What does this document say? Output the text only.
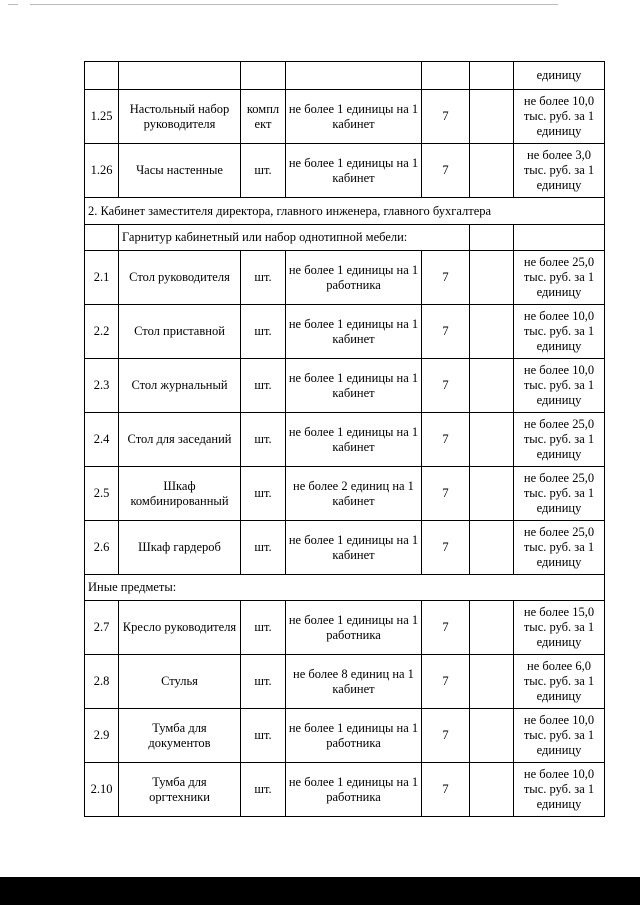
						единицу
1.25	Настольный набор руководителя	компл ект	не более 1 единицы на 1 кабинет	7		не более 10,0 тыс. руб. за 1 единицу
1.26	Часы настенные	шт.	не более 1 единицы на 1 кабинет	7		не более 3,0 тыс. руб. за 1 единицу
2. Кабинет заместителя директора, главного инженера, главного бухгалтера						
	Гарнитур кабинетный или набор однотипной мебели:					
2.1	Стол руководителя	шт.	не более 1 единицы на 1 работника	7		не более 25,0 тыс. руб. за 1 единицу
2.2	Стол приставной	шт.	не более 1 единицы на 1 кабинет	7		не более 10,0 тыс. руб. за 1 единицу
2.3	Стол журнальный	шт.	не более 1 единицы на 1 кабинет	7		не более 10,0 тыс. руб. за 1 единицу
2.4	Стол для заседаний	шт.	не более 1 единицы на 1 кабинет	7		не более 25,0 тыс. руб. за 1 единицу
2.5	Шкаф комбинированный	шт.	не более 2 единиц на 1 кабинет	7		не более 25,0 тыс. руб. за 1 единицу
2.6	Шкаф гардероб	шт.	не более 1 единицы на 1 кабинет	7		не более 25,0 тыс. руб. за 1 единицу
Иные предметы:						
2.7	Кресло руководителя	шт.	не более 1 единицы на 1 работника	7		не более 15,0 тыс. руб. за 1 единицу
2.8	Стулья	шт.	не более 8 единиц на 1 кабинет	7		не более 6,0 тыс. руб. за 1 единицу
2.9	Тумба для документов	шт.	не более 1 единицы на 1 работника	7		не более 10,0 тыс. руб. за 1 единицу
2.10	Тумба для оргтехники	шт.	не более 1 единицы на 1 работника	7		не более 10,0 тыс. руб. за 1 единицу
